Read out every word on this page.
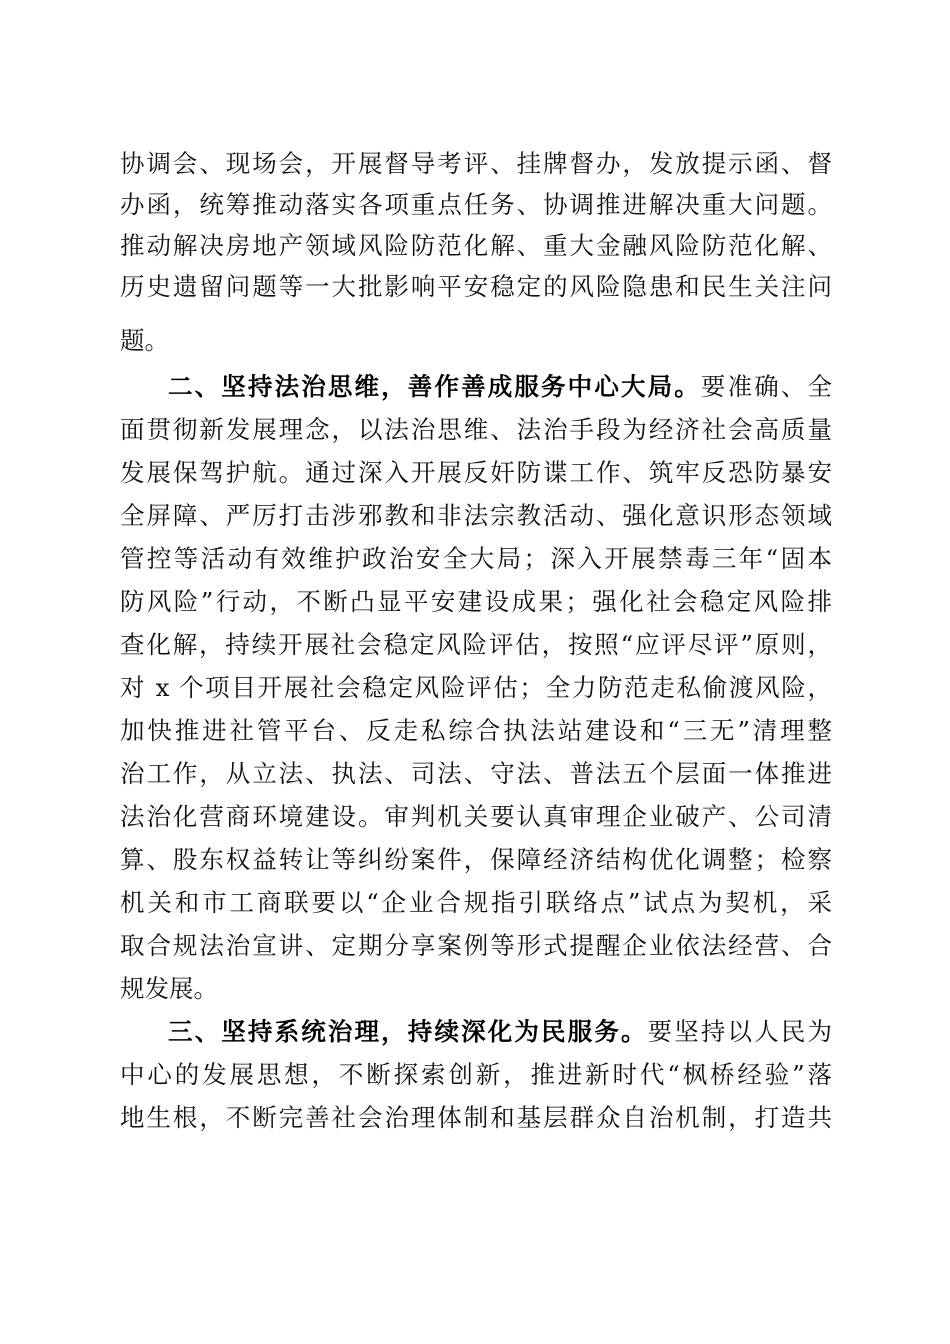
协调会、现场会，开展督导考评、挂牌督办，发放提示函、督
办函，统筹推动落实各项重点任务、协调推进解决重大问题。
推动解决房地产领域风险防范化解、重大金融风险防范化解、
历史遗留问题等一大批影响平安稳定的风险隐患和民生关注问
题。
二、坚持法治思维，善作善成服务中心大局。要准确、全
面贯彻新发展理念，以法治思维、法治手段为经济社会高质量
发展保驾护航。通过深入开展反奸防谍工作、筑牢反恐防暴安
全屏障、严厉打击涉邪教和非法宗教活动、强化意识形态领域
管控等活动有效维护政治安全大局；深入开展禁毒三年“固本
防风险”行动，不断凸显平安建设成果；强化社会稳定风险排
查化解，持续开展社会稳定风险评估，按照“应评尽评”原则，
对 x 个项目开展社会稳定风险评估；全力防范走私偷渡风险，
加快推进社管平台、反走私综合执法站建设和“三无”清理整
治工作，从立法、执法、司法、守法、普法五个层面一体推进
法治化营商环境建设。审判机关要认真审理企业破产、公司清
算、股东权益转让等纠纷案件，保障经济结构优化调整；检察
机关和市工商联要以“企业合规指引联络点”试点为契机，采
取合规法治宣讲、定期分享案例等形式提醒企业依法经营、合
规发展。
三、坚持系统治理，持续深化为民服务。要坚持以人民为
中心的发展思想，不断探索创新，推进新时代“枫桥经验”落
地生根，不断完善社会治理体制和基层群众自治机制，打造共
